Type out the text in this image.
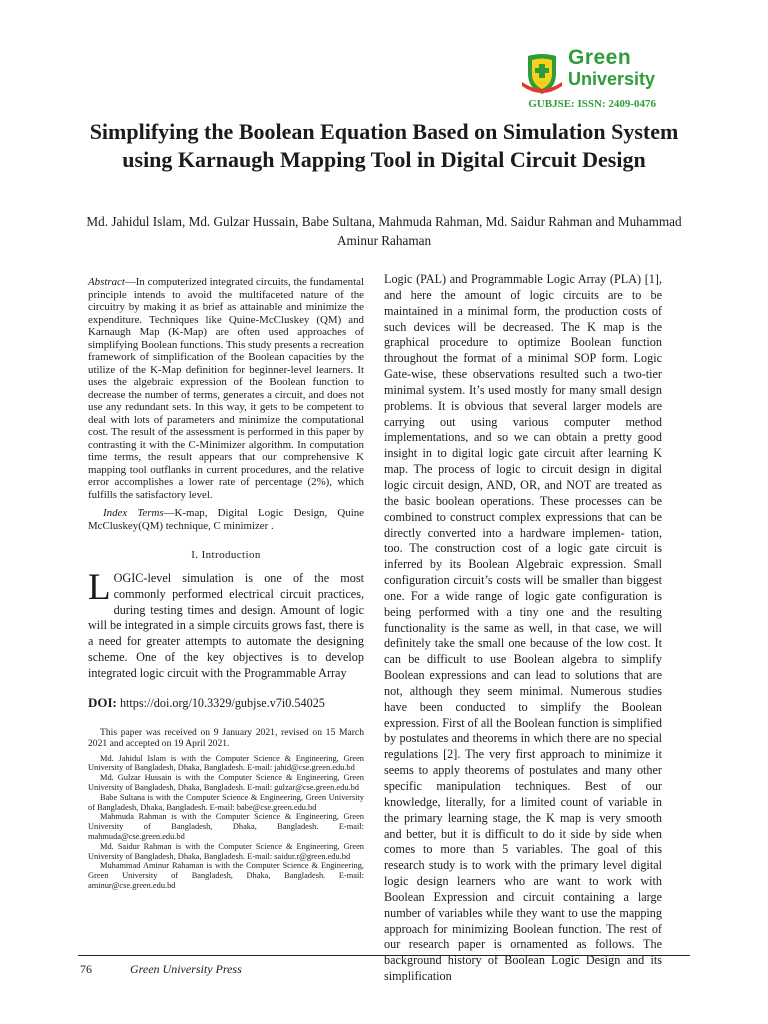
Green
University
GUBJSE: ISSN: 2409-0476
Simplifying the Boolean Equation Based on Simulation System using Karnaugh Mapping Tool in Digital Circuit Design

Md. Jahidul Islam, Md. Gulzar Hussain, Babe Sultana, Mahmuda Rahman, Md. Saidur Rahman and Muhammad Aminur Rahaman

Abstract—In computerized integrated circuits, the fundamental principle intends to avoid the multifaceted nature of the circuitry by making it as brief as attainable and minimize the expenditure. Techniques like Quine-McCluskey (QM) and Karnaugh Map (K-Map) are often used approaches of simplifying Boolean functions. This study presents a recreation framework of simplification of the Boolean capacities by the utilize of the K-Map definition for beginner-level learners. It uses the algebraic expression of the Boolean function to decrease the number of terms, generates a circuit, and does not use any redundant sets. In this way, it gets to be competent to deal with lots of parameters and minimize the computational cost. The result of the assessment is performed in this paper by contrasting it with the C-Minimizer algorithm. In computation time terms, the result appears that our comprehensive K mapping tool outflanks in current procedures, and the relative error accomplishes a lower rate of percentage (2%), which fulfills the satisfactory level.

Index Terms—K-map, Digital Logic Design, Quine McCluskey(QM) technique, C minimizer .

I. Introduction

LOGIC-level simulation is one of the most commonly performed electrical circuit practices, during testing times and design. Amount of logic will be integrated in a simple circuits grows fast, there is a need for greater attempts to automate the designing scheme. One of the key objectives is to develop integrated logic circuit with the Programmable Array

DOI: https://doi.org/10.3329/gubjse.v7i0.54025

This paper was received on 9 January 2021, revised on 15 March 2021 and accepted on 19 April 2021.

Md. Jahidul Islam is with the Computer Science & Engineering, Green University of Bangladesh, Dhaka, Bangladesh. E-mail: jahid@cse.green.edu.bd

Md. Gulzar Hussain is with the Computer Science & Engineering, Green University of Bangladesh, Dhaka, Bangladesh. E-mail: gulzar@cse.green.edu.bd

Babe Sultana is with the Computer Science & Engineering, Green University of Bangladesh, Dhaka, Bangladesh. E-mail: babe@cse.green.edu.bd

Mahmuda Rahman is with the Computer Science & Engineering, Green University of Bangladesh, Dhaka, Bangladesh. E-mail: mahmuda@cse.green.edu.bd

Md. Saidur Rahman is with the Computer Science & Engineering, Green University of Bangladesh, Dhaka, Bangladesh. E-mail: saidur.r@green.edu.bd

Muhammad Aminur Rahaman is with the Computer Science & Engineering, Green University of Bangladesh, Dhaka, Bangladesh. E-mail: aminur@cse.green.edu.bd

Logic (PAL) and Programmable Logic Array (PLA) [1], and here the amount of logic circuits are to be maintained in a minimal form, the production costs of such devices will be decreased. The K map is the graphical procedure to optimize Boolean function throughout the format of a minimal SOP form. Logic Gate-wise, these observations resulted such a two-tier minimal system. It’s used mostly for many small design problems. It is obvious that several larger models are carrying out using various computer method implementations, and so we can obtain a pretty good insight in to digital logic gate circuit after learning K map. The process of logic to circuit design in digital logic circuit design, AND, OR, and NOT are treated as the basic boolean operations. These processes can be combined to construct complex expressions that can be directly converted into a hardware implemen- tation, too. The construction cost of a logic gate circuit is inferred by its Boolean Algebraic expression. Small configuration circuit’s costs will be smaller than biggest one. For a wide range of logic gate configuration is being performed with a tiny one and the resulting functionality is the same as well, in that case, we will definitely take the small one because of the low cost. It can be difficult to use Boolean algebra to simplify Boolean expressions and can lead to solutions that are not, although they seem minimal. Numerous studies have been conducted to simplify the Boolean expression. First of all the Boolean function is simplified by postulates and theorems in which there are no special regulations [2]. The very first approach to minimize it seems to apply theorems of postulates and many other specific manipulation techniques. Best of our knowledge, literally, for a limited count of variable in the primary learning stage, the K map is very smooth and better, but it is difficult to do it side by side when comes to more than 5 variables. The goal of this research study is to work with the primary level digital logic design learners who are want to work with Boolean Expression and circuit containing a large number of variables while they want to use the mapping approach for minimizing Boolean function. The rest of our research paper is ornamented as follows. The background history of Boolean Logic Design and its simplification

76	Green University Press
